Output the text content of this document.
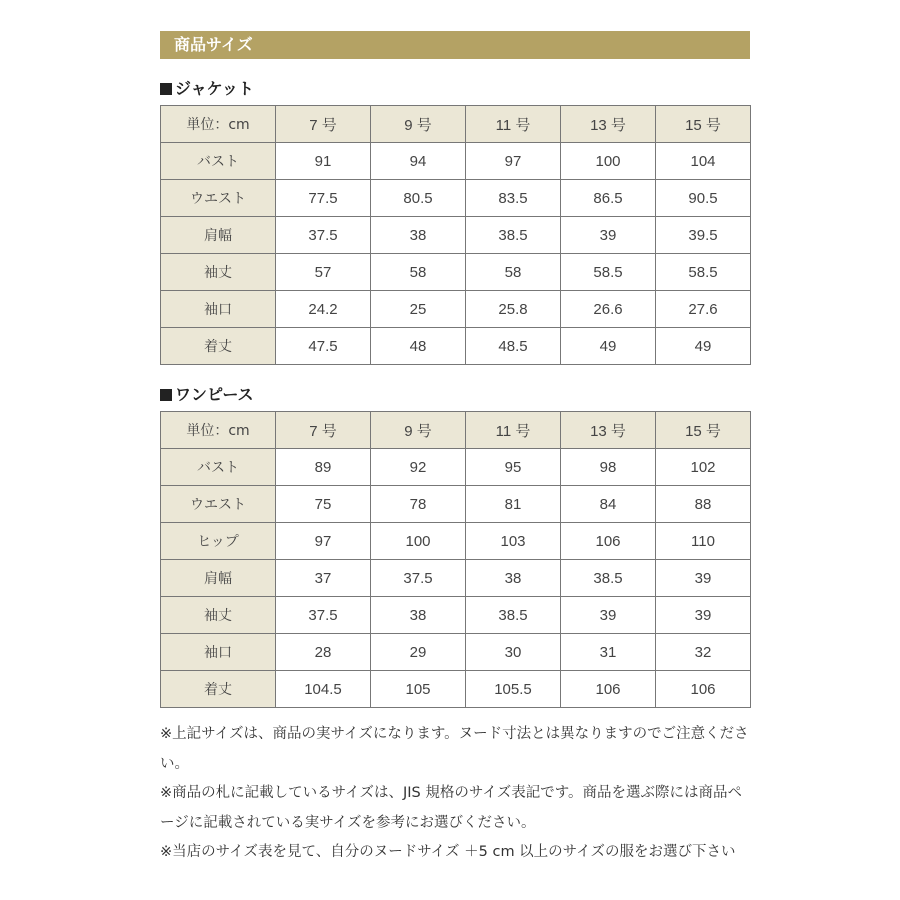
商品サイズ
ジャケット
単位：cm	7 号	9 号	11 号	13 号	15 号
バスト	91	94	97	100	104
ウエスト	77.5	80.5	83.5	86.5	90.5
肩幅	37.5	38	38.5	39	39.5
袖丈	57	58	58	58.5	58.5
袖口	24.2	25	25.8	26.6	27.6
着丈	47.5	48	48.5	49	49
ワンピース
単位：cm	7 号	9 号	11 号	13 号	15 号
バスト	89	92	95	98	102
ウエスト	75	78	81	84	88
ヒップ	97	100	103	106	110
肩幅	37	37.5	38	38.5	39
袖丈	37.5	38	38.5	39	39
袖口	28	29	30	31	32
着丈	104.5	105	105.5	106	106

※上記サイズは、商品の実サイズになります。ヌード寸法とは異なりますのでご注意ください。

※商品の札に記載しているサイズは、JIS 規格のサイズ表記です。商品を選ぶ際には商品ページに記載されている実サイズを参考にお選びください。

※当店のサイズ表を見て、自分のヌードサイズ ＋5 cm 以上のサイズの服をお選び下さい
